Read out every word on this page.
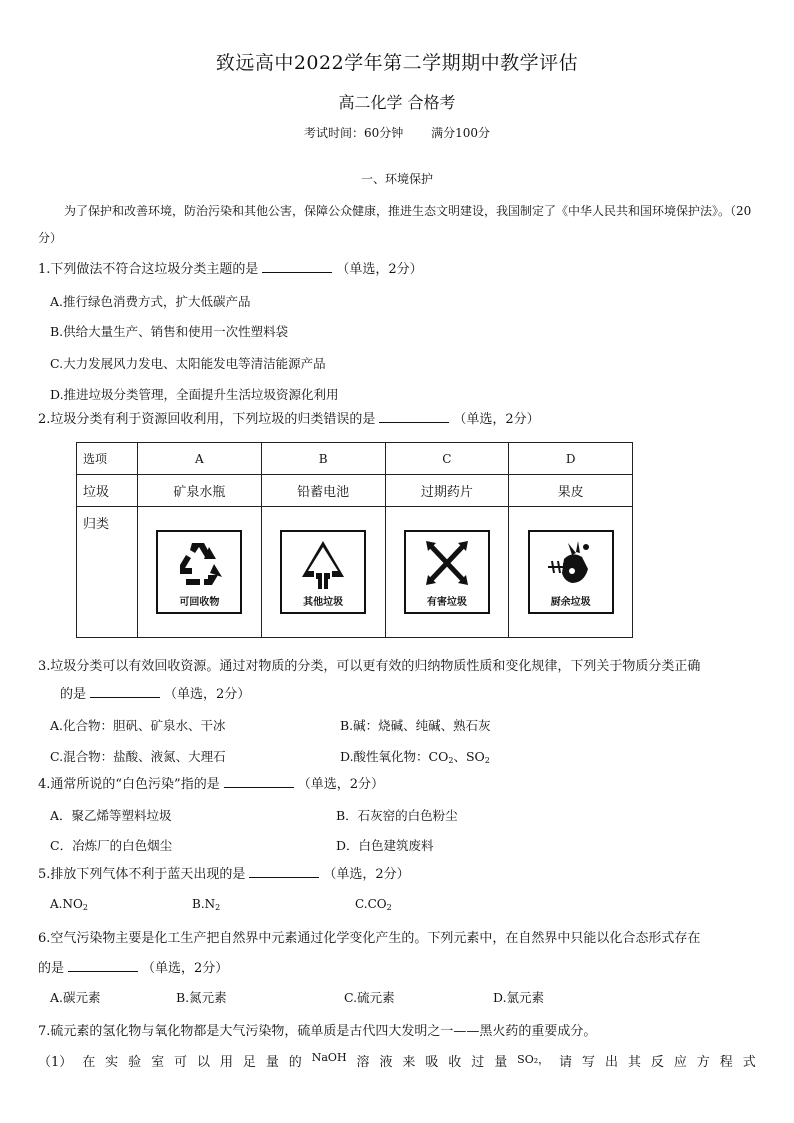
致远高中2022学年第二学期期中教学评估
高二化学 合格考
考试时间：60分钟 满分100分
一、环境保护
为了保护和改善环境，防治污染和其他公害，保障公众健康，推进生态文明建设，我国制定了《中华人民共和国环境保护法》。（20分）
1.下列做法不符合这垃圾分类主题的是	（单选，2分）
A.推行绿色消费方式，扩大低碳产品
B.供给大量生产、销售和使用一次性塑料袋
C.大力发展风力发电、太阳能发电等清洁能源产品
D.推进垃圾分类管理，全面提升生活垃圾资源化利用
2.垃圾分类有利于资源回收利用，下列垃圾的归类错误的是	（单选，2分）
选项	A	B	C	D
垃圾	矿泉水瓶	铅蓄电池	过期药片	果皮
归类	可回收物	其他垃圾	有害垃圾	厨余垃圾
3.垃圾分类可以有效回收资源。通过对物质的分类，可以更有效的归纳物质性质和变化规律，下列关于物质分类正确
的是	（单选，2分）
A.化合物：胆矾、矿泉水、干冰	B.碱：烧碱、纯碱、熟石灰
C.混合物：盐酸、液氮、大理石	D.酸性氧化物：$CO_2$、$SO_2$
4.通常所说的“白色污染”指的是	（单选，2分）
A．聚乙烯等塑料垃圾	B．石灰窑的白色粉尘
C．冶炼厂的白色烟尘	D．白色建筑废料
5.排放下列气体不利于蓝天出现的是	（单选，2分）
$A.NO_2$	$B.N_2$	$C.CO_2$
6.空气污染物主要是化工生产把自然界中元素通过化学变化产生的。下列元素中，在自然界中只能以化合态形式存在
的是	（单选，2分）
A.碳元素	B.氮元素	C.硫元素	D.氯元素
7.硫元素的氢化物与氧化物都是大气污染物，硫单质是古代四大发明之一——黑火药的重要成分。
（1） 在 实 验 室 可 以 用 足 量 的 NaOH 溶 液 来 吸 收 过 量 SO₂， 请 写 出 其 反 应 方 程 式
